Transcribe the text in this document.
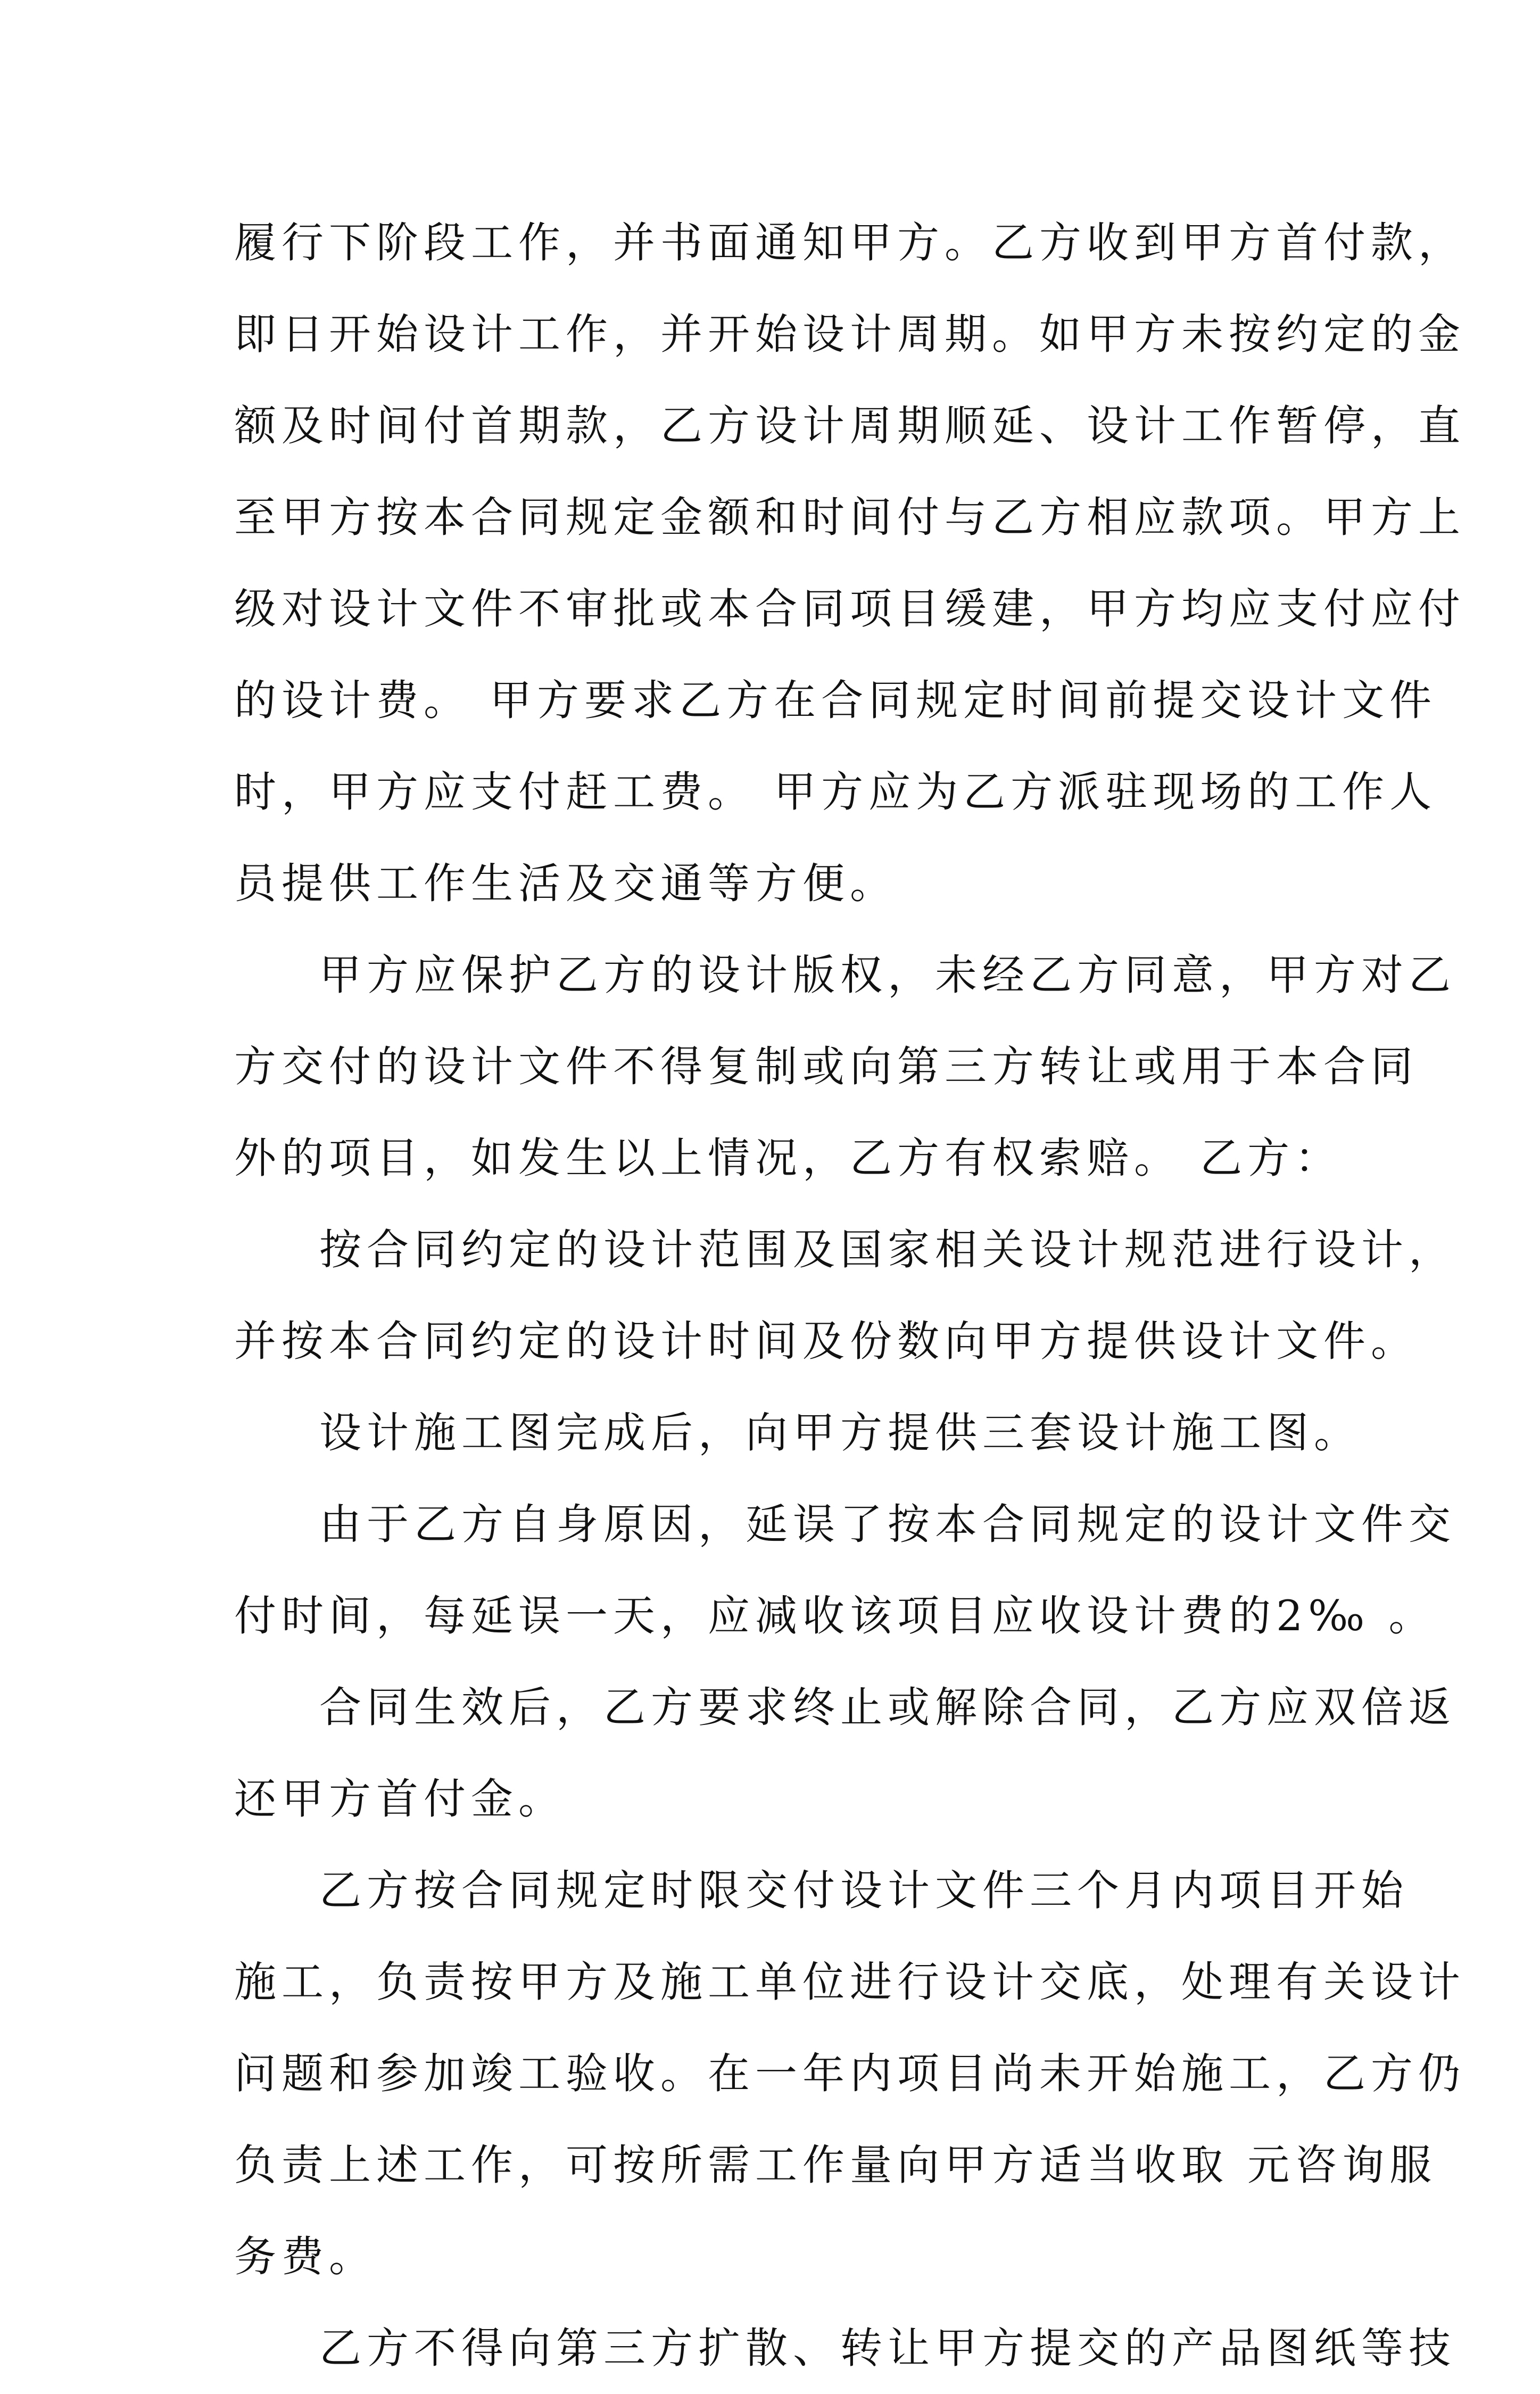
履行下阶段工作，并书面通知甲方。乙方收到甲方首付款，
即日开始设计工作，并开始设计周期。如甲方未按约定的金
额及时间付首期款，乙方设计周期顺延、设计工作暂停，直
至甲方按本合同规定金额和时间付与乙方相应款项。甲方上
级对设计文件不审批或本合同项目缓建，甲方均应支付应付
的设计费。 甲方要求乙方在合同规定时间前提交设计文件
时，甲方应支付赶工费。 甲方应为乙方派驻现场的工作人
员提供工作生活及交通等方便。
甲方应保护乙方的设计版权，未经乙方同意，甲方对乙
方交付的设计文件不得复制或向第三方转让或用于本合同
外的项目，如发生以上情况，乙方有权索赔。 乙方：
按合同约定的设计范围及国家相关设计规范进行设计，
并按本合同约定的设计时间及份数向甲方提供设计文件。
设计施工图完成后，向甲方提供三套设计施工图。
由于乙方自身原因，延误了按本合同规定的设计文件交
付时间，每延误一天，应减收该项目应收设计费的2‰ 。
合同生效后，乙方要求终止或解除合同，乙方应双倍返
还甲方首付金。
乙方按合同规定时限交付设计文件三个月内项目开始
施工，负责按甲方及施工单位进行设计交底，处理有关设计
问题和参加竣工验收。在一年内项目尚未开始施工，乙方仍
负责上述工作，可按所需工作量向甲方适当收取 元咨询服
务费。
乙方不得向第三方扩散、转让甲方提交的产品图纸等技
